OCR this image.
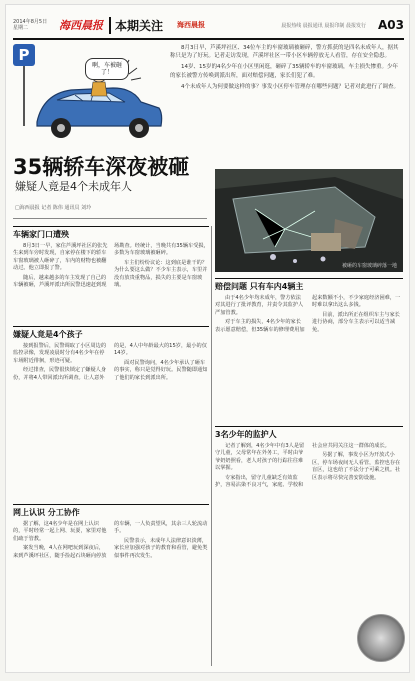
2014年8月5日 星期二	海西晨报	本期关注 海西晨报	晨报热线 晨报通讯 晨报印制 晨报发行 A03
P
啊，车被砸了！

8月3日早，芦溪坪社区、34位车主的车窗玻璃被砸碎，警方抓获的是四名未成年人，据其称只是为了好玩。记者走访发现，芦溪坪社区一带小区车辆停放无人看管，存在安全隐患。

14岁、15岁的4名少年在小区里闲逛，砸碎了35辆轿车的车窗玻璃，车主损失惨重。少年的家长被警方传唤到派出所，面对赔偿问题，家长们犯了难。

4个未成年人为何要做这样的事？事发小区停车管理存在哪些问题？记者对此进行了调查。

35辆轿车深夜被砸
嫌疑人竟是4个未成年人
□海西晨报 记者 陈伟 通讯员 刘玲
被砸的车窗玻璃碎落一地
车辆家门口遭殃

8月3日一早，家住芦溪坪社区的张先生来到车旁时发现，自家停在楼下的轿车车窗玻璃被人砸碎了，车内的财物也被翻动过。他立即报了警。

随后，越来越多的车主发现了自己的车辆被砸，芦溪坪派出所民警迅速赶到现场勘查。经统计，当晚共有35辆车受损，多数为车窗玻璃被砸碎。

车主们纷纷议论：这到底是谁干的？为什么要这么做？不少车主表示，车里并没有放贵重物品，损失的主要是车窗玻璃。

嫌疑人竟是4个孩子

接到报警后，民警调取了小区周边的监控录像，发现凌晨时分有4名少年在停车场附近徘徊，形迹可疑。

经过排查，民警很快锁定了嫌疑人身份，并将4人带回派出所调查。让人意外的是，4人中年龄最大的15岁，最小的仅14岁。

面对民警询问，4名少年承认了砸车的事实，称只是觉得好玩。民警随即通知了他们的家长到派出所。

赔偿问题 只有车内4辆主

由于4名少年均未成年，警方依法对其进行了批评教育，并责令其监护人严加管教。

对于车主的损失，4名少年的家长表示愿意赔偿，但35辆车的修理费用加起来数额不小，不少家庭经济困难，一时难以拿出这么多钱。

目前，派出所正在组织车主与家长进行协商，部分车主表示可以适当减免。

网上认识 分工协作

据了解，这4名少年是在网上认识的，平时经常一起上网、玩耍，家里对他们疏于管教。

案发当晚，4人在网吧玩到深夜后，来到芦溪坪社区，随手捡起石块砸向停放的车辆，一人负责望风，其余三人轮流动手。

民警表示，未成年人法律意识淡薄，家长应加强对孩子的教育和看管，避免类似事件再次发生。

3名少年的监护人

记者了解到，4名少年中有3人是留守儿童，父母常年在外务工，平时由爷爷奶奶照看，老人对孩子的行踪往往难以掌握。

专家指出，留守儿童缺乏有效监护，容易沾染不良习气，家庭、学校和社会应共同关注这一群体的成长。

另据了解，事发小区为开放式小区，停车场夜间无人看管，监控也存在盲区，这也给了不法分子可乘之机。社区表示将尽快完善安防设施。
